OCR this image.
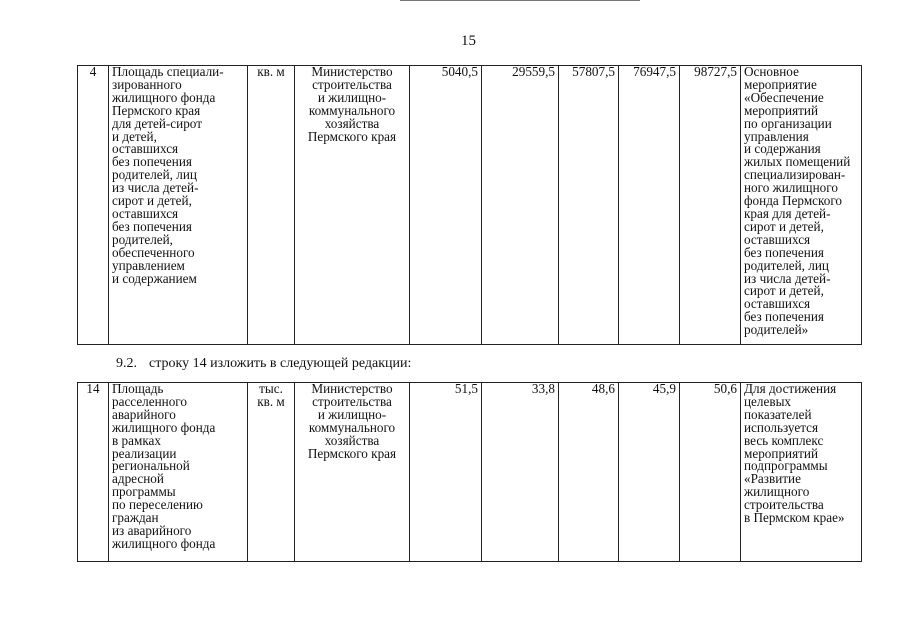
15
4	Площадь специали-
зированного
жилищного фонда
Пермского края
для детей-сирот
и детей,
оставшихся
без попечения
родителей, лиц
из числа детей-
сирот и детей,
оставшихся
без попечения
родителей,
обеспеченного
управлением
и содержанием	кв. м	Министерство
строительства
и жилищно-
коммунального
хозяйства
Пермского края	5040,5	29559,5	57807,5	76947,5	98727,5	Основное
мероприятие
«Обеспечение
мероприятий
по организации
управления
и содержания
жилых помещений
специализирован-
ного жилищного
фонда Пермского
края для детей-
сирот и детей,
оставшихся
без попечения
родителей, лиц
из числа детей-
сирот и детей,
оставшихся
без попечения
родителей»
9.2. строку 14 изложить в следующей редакции:
14	Площадь
расселенного
аварийного
жилищного фонда
в рамках
реализации
региональной
адресной
программы
по переселению
граждан
из аварийного
жилищного фонда	тыс.
кв. м	Министерство
строительства
и жилищно-
коммунального
хозяйства
Пермского края	51,5	33,8	48,6	45,9	50,6	Для достижения
целевых
показателей
используется
весь комплекс
мероприятий
подпрограммы
«Развитие
жилищного
строительства
в Пермском крае»
